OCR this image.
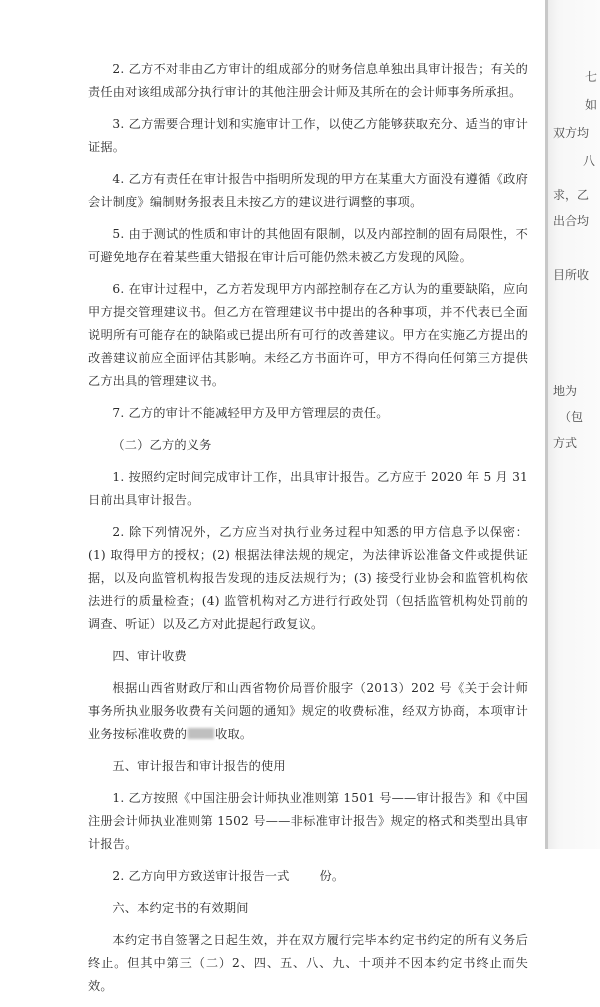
2. 乙方不对非由乙方审计的组成部分的财务信息单独出具审计报告；有关的责任由对该组成部分执行审计的其他注册会计师及其所在的会计师事务所承担。

3. 乙方需要合理计划和实施审计工作，以使乙方能够获取充分、适当的审计证据。

4. 乙方有责任在审计报告中指明所发现的甲方在某重大方面没有遵循《政府会计制度》编制财务报表且未按乙方的建议进行调整的事项。

5. 由于测试的性质和审计的其他固有限制，以及内部控制的固有局限性，不可避免地存在着某些重大错报在审计后可能仍然未被乙方发现的风险。

6. 在审计过程中，乙方若发现甲方内部控制存在乙方认为的重要缺陷，应向甲方提交管理建议书。但乙方在管理建议书中提出的各种事项，并不代表已全面说明所有可能存在的缺陷或已提出所有可行的改善建议。甲方在实施乙方提出的改善建议前应全面评估其影响。未经乙方书面许可，甲方不得向任何第三方提供乙方出具的管理建议书。

7. 乙方的审计不能减轻甲方及甲方管理层的责任。

（二）乙方的义务

1. 按照约定时间完成审计工作，出具审计报告。乙方应于 2020 年 5 月 31 日前出具审计报告。

2. 除下列情况外，乙方应当对执行业务过程中知悉的甲方信息予以保密：(1) 取得甲方的授权；(2) 根据法律法规的规定，为法律诉讼准备文件或提供证据，以及向监管机构报告发现的违反法规行为；(3) 接受行业协会和监管机构依法进行的质量检查；(4) 监管机构对乙方进行行政处罚（包括监管机构处罚前的调查、听证）以及乙方对此提起行政复议。

四、审计收费

根据山西省财政厅和山西省物价局晋价服字（2013）202 号《关于会计师事务所执业服务收费有关问题的通知》规定的收费标准，经双方协商，本项审计业务按标准收费的 收取。

五、审计报告和审计报告的使用

1. 乙方按照《中国注册会计师执业准则第 1501 号——审计报告》和《中国注册会计师执业准则第 1502 号——非标准审计报告》规定的格式和类型出具审计报告。

2. 乙方向甲方致送审计报告一式 份。

六、本约定书的有效期间

本约定书自签署之日起生效，并在双方履行完毕本约定书约定的所有义务后终止。但其中第三（二）2、四、五、八、九、十项并不因本约定书终止而失效。

七
如
双方均
八
求，乙
出合均
目所收
地为
（包
方式
